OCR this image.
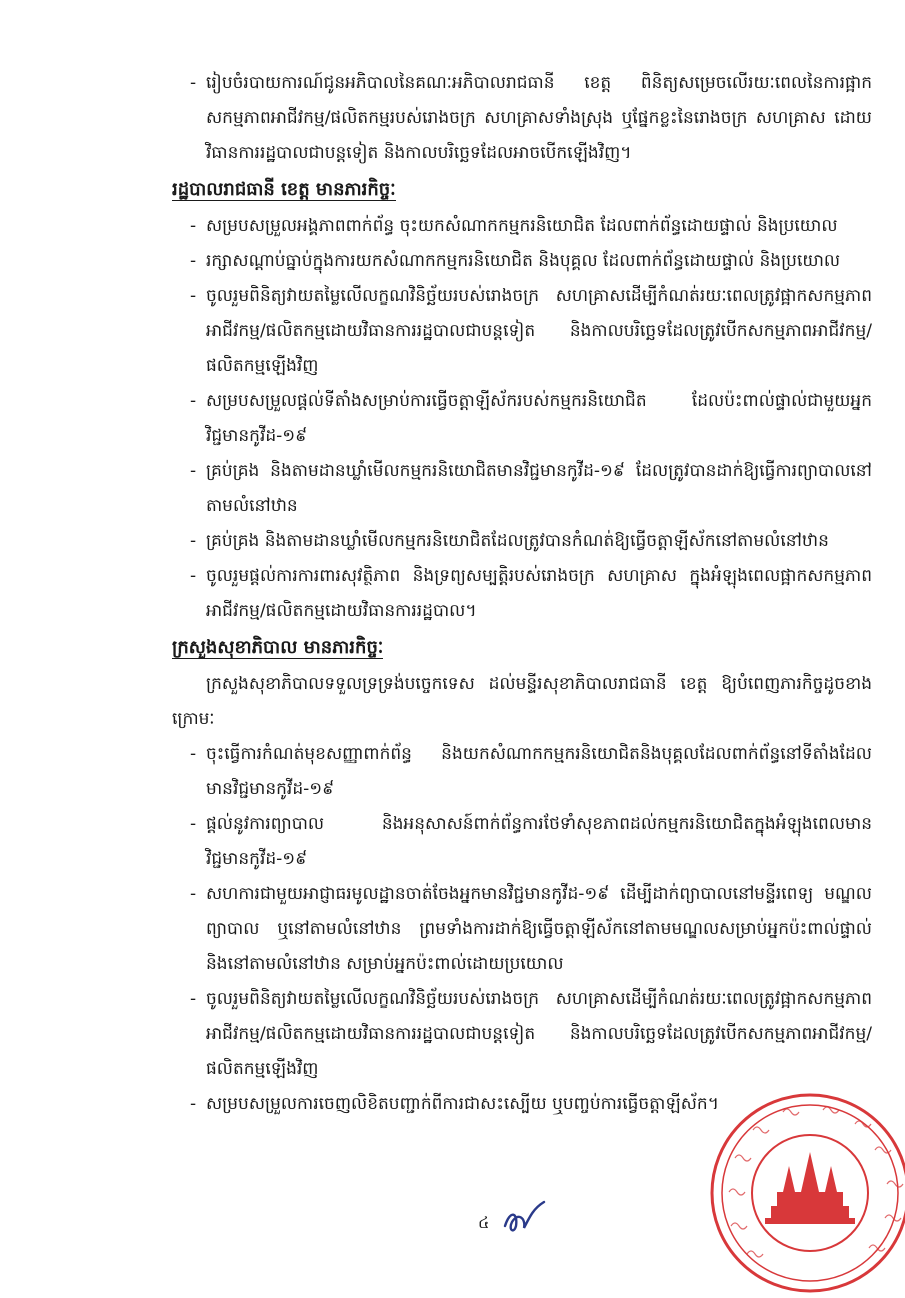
- រៀបចំរបាយការណ៍ជូនអភិបាលនៃគណៈអភិបាលរាជធានី ខេត្ត ពិនិត្យសម្រេចលើរយៈពេលនៃការផ្អាកសកម្មភាពអាជីវកម្ម/ផលិតកម្មរបស់រោងចក្រ សហគ្រាសទាំងស្រុង ឬផ្នែកខ្លះនៃរោងចក្រ សហគ្រាស ដោយវិធានការរដ្ឋបាលជាបន្តទៀត និងកាលបរិច្ឆេទដែលអាចបើកឡើងវិញ។

រដ្ឋបាលរាជធានី ខេត្ត មានភារកិច្ចៈ

- សម្របសម្រួលអង្គភាពពាក់ព័ន្ធ ចុះយកសំណាកកម្មករនិយោជិត ដែលពាក់ព័ន្ធដោយផ្ទាល់ និងប្រយោល
- រក្សាសណ្ដាប់ធ្នាប់ក្នុងការយកសំណាកកម្មករនិយោជិត និងបុគ្គល ដែលពាក់ព័ន្ធដោយផ្ទាល់ និងប្រយោល
- ចូលរួមពិនិត្យវាយតម្លៃលើលក្ខណវិនិច្ឆ័យរបស់រោងចក្រ សហគ្រាសដើម្បីកំណត់រយៈពេលត្រូវផ្អាកសកម្មភាពអាជីវកម្ម/ផលិតកម្មដោយវិធានការរដ្ឋបាលជាបន្តទៀត និងកាលបរិច្ឆេទដែលត្រូវបើកសកម្មភាពអាជីវកម្ម/ផលិតកម្មឡើងវិញ
- សម្របសម្រួលផ្ដល់ទីតាំងសម្រាប់ការធ្វើចត្តាឡីស័ករបស់កម្មករនិយោជិត ដែលប៉ះពាល់ផ្ទាល់ជាមួយអ្នកវិជ្ជមានកូវីដ-១៩
- គ្រប់គ្រង និងតាមដានឃ្លាំមើលកម្មករនិយោជិតមានវិជ្ជមានកូវីដ-១៩ ដែលត្រូវបានដាក់ឱ្យធ្វើការព្យាបាលនៅតាមលំនៅឋាន
- គ្រប់គ្រង និងតាមដានឃ្លាំមើលកម្មករនិយោជិតដែលត្រូវបានកំណត់ឱ្យធ្វើចត្តាឡីស័កនៅតាមលំនៅឋាន
- ចូលរួមផ្ដល់ការការពារសុវត្ថិភាព និងទ្រព្យសម្បត្តិរបស់រោងចក្រ សហគ្រាស ក្នុងអំឡុងពេលផ្អាកសកម្មភាពអាជីវកម្ម/ផលិតកម្មដោយវិធានការរដ្ឋបាល។

ក្រសួងសុខាភិបាល មានភារកិច្ចៈ

ក្រសួងសុខាភិបាលទទួលទ្រទ្រង់បច្ចេកទេស ដល់មន្ទីរសុខាភិបាលរាជធានី ខេត្ត ឱ្យបំពេញភារកិច្ចដូចខាងក្រោមៈ

- ចុះធ្វើការកំណត់មុខសញ្ញាពាក់ព័ន្ធ និងយកសំណាកកម្មករនិយោជិតនិងបុគ្គលដែលពាក់ព័ន្ធនៅទីតាំងដែលមានវិជ្ជមានកូវីដ-១៩
- ផ្ដល់នូវការព្យាបាល និងអនុសាសន៍ពាក់ព័ន្ធការថែទាំសុខភាពដល់កម្មករនិយោជិតក្នុងអំឡុងពេលមានវិជ្ជមានកូវីដ-១៩
- សហការជាមួយអាជ្ញាធរមូលដ្ឋានចាត់ចែងអ្នកមានវិជ្ជមានកូវីដ-១៩ ដើម្បីដាក់ព្យាបាលនៅមន្ទីរពេទ្យ មណ្ឌលព្យាបាល ឬនៅតាមលំនៅឋាន ព្រមទាំងការដាក់ឱ្យធ្វើចត្តាឡីស័កនៅតាមមណ្ឌលសម្រាប់អ្នកប៉ះពាល់ផ្ទាល់ និងនៅតាមលំនៅឋាន សម្រាប់អ្នកប៉ះពាល់ដោយប្រយោល
- ចូលរួមពិនិត្យវាយតម្លៃលើលក្ខណវិនិច្ឆ័យរបស់រោងចក្រ សហគ្រាសដើម្បីកំណត់រយៈពេលត្រូវផ្អាកសកម្មភាពអាជីវកម្ម/ផលិតកម្មដោយវិធានការរដ្ឋបាលជាបន្តទៀត និងកាលបរិច្ឆេទដែលត្រូវបើកសកម្មភាពអាជីវកម្ម/ផលិតកម្មឡើងវិញ
- សម្របសម្រួលការចេញលិខិតបញ្ជាក់ពីការជាសះស្បើយ ឬបញ្ចប់ការធ្វើចត្តាឡីស័ក។
៤
